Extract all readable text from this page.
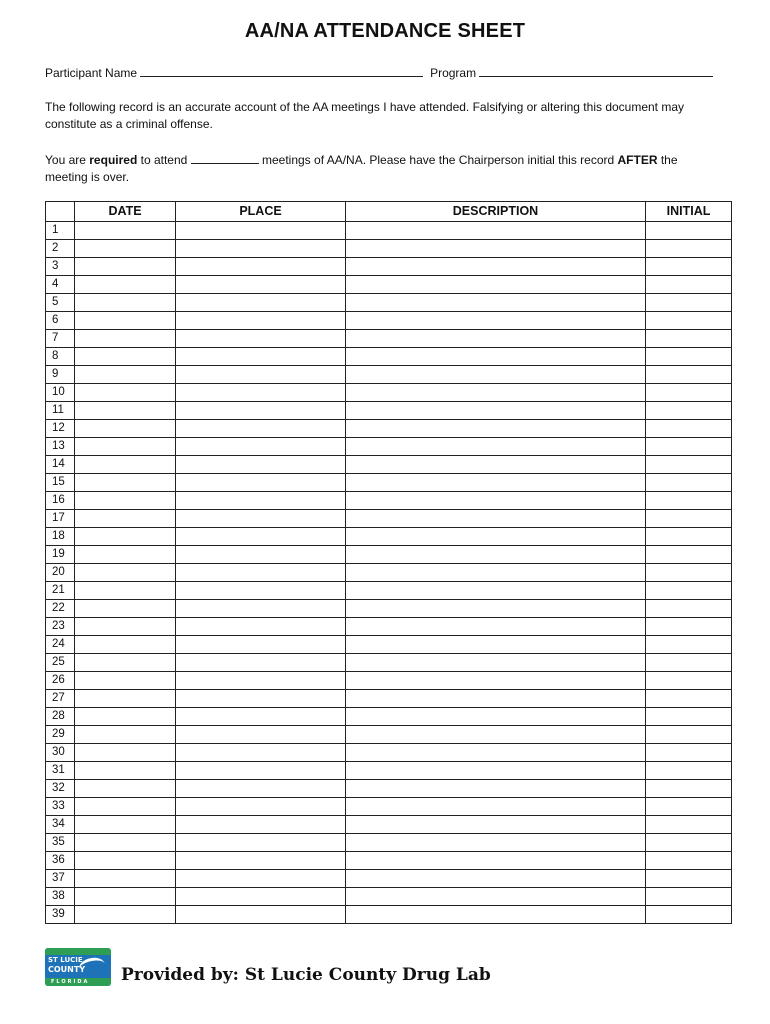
AA/NA ATTENDANCE SHEET
Participant Name	Program
The following record is an accurate account of the AA meetings I have attended. Falsifying or altering this document may
constitute as a criminal offense.
You are required to attend	meetings of AA/NA. Please have the Chairperson initial this record AFTER the
meeting is over.
	DATE	PLACE	DESCRIPTION	INITIAL
1				
2				
3				
4				
5				
6				
7				
8				
9				
10				
11				
12				
13				
14				
15				
16				
17				
18				
19				
20				
21				
22				
23				
24				
25				
26				
27				
28				
29				
30				
31				
32				
33				
34				
35				
36				
37				
38				
39				
ST LUCIE
COUNTY
FLORIDA Provided by: St Lucie County Drug Lab
